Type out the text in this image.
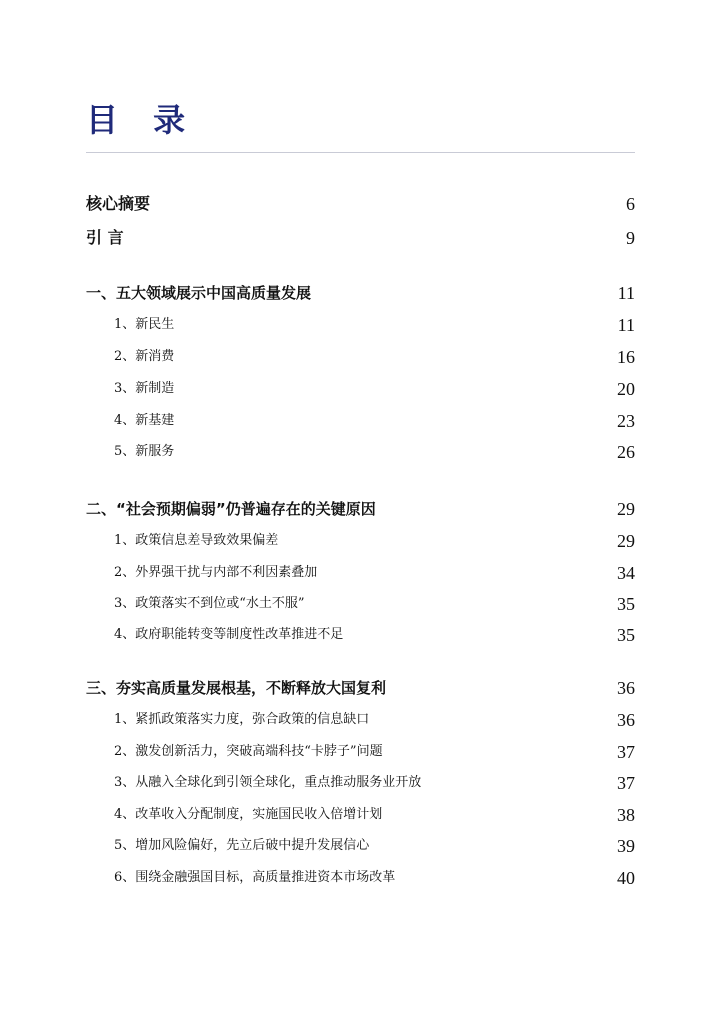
目 录
核心摘要	6
引 言	9
一、五大领域展示中国高质量发展	11
1、新民生	11
2、新消费	16
3、新制造	20
4、新基建	23
5、新服务	26
二、“社会预期偏弱”仍普遍存在的关键原因	29
1、政策信息差导致效果偏差	29
2、外界强干扰与内部不利因素叠加	34
3、政策落实不到位或“水土不服”	35
4、政府职能转变等制度性改革推进不足	35
三、夯实高质量发展根基，不断释放大国复利	36
1、紧抓政策落实力度，弥合政策的信息缺口	36
2、激发创新活力，突破高端科技“卡脖子”问题	37
3、从融入全球化到引领全球化，重点推动服务业开放	37
4、改革收入分配制度，实施国民收入倍增计划	38
5、增加风险偏好，先立后破中提升发展信心	39
6、围绕金融强国目标，高质量推进资本市场改革	40
